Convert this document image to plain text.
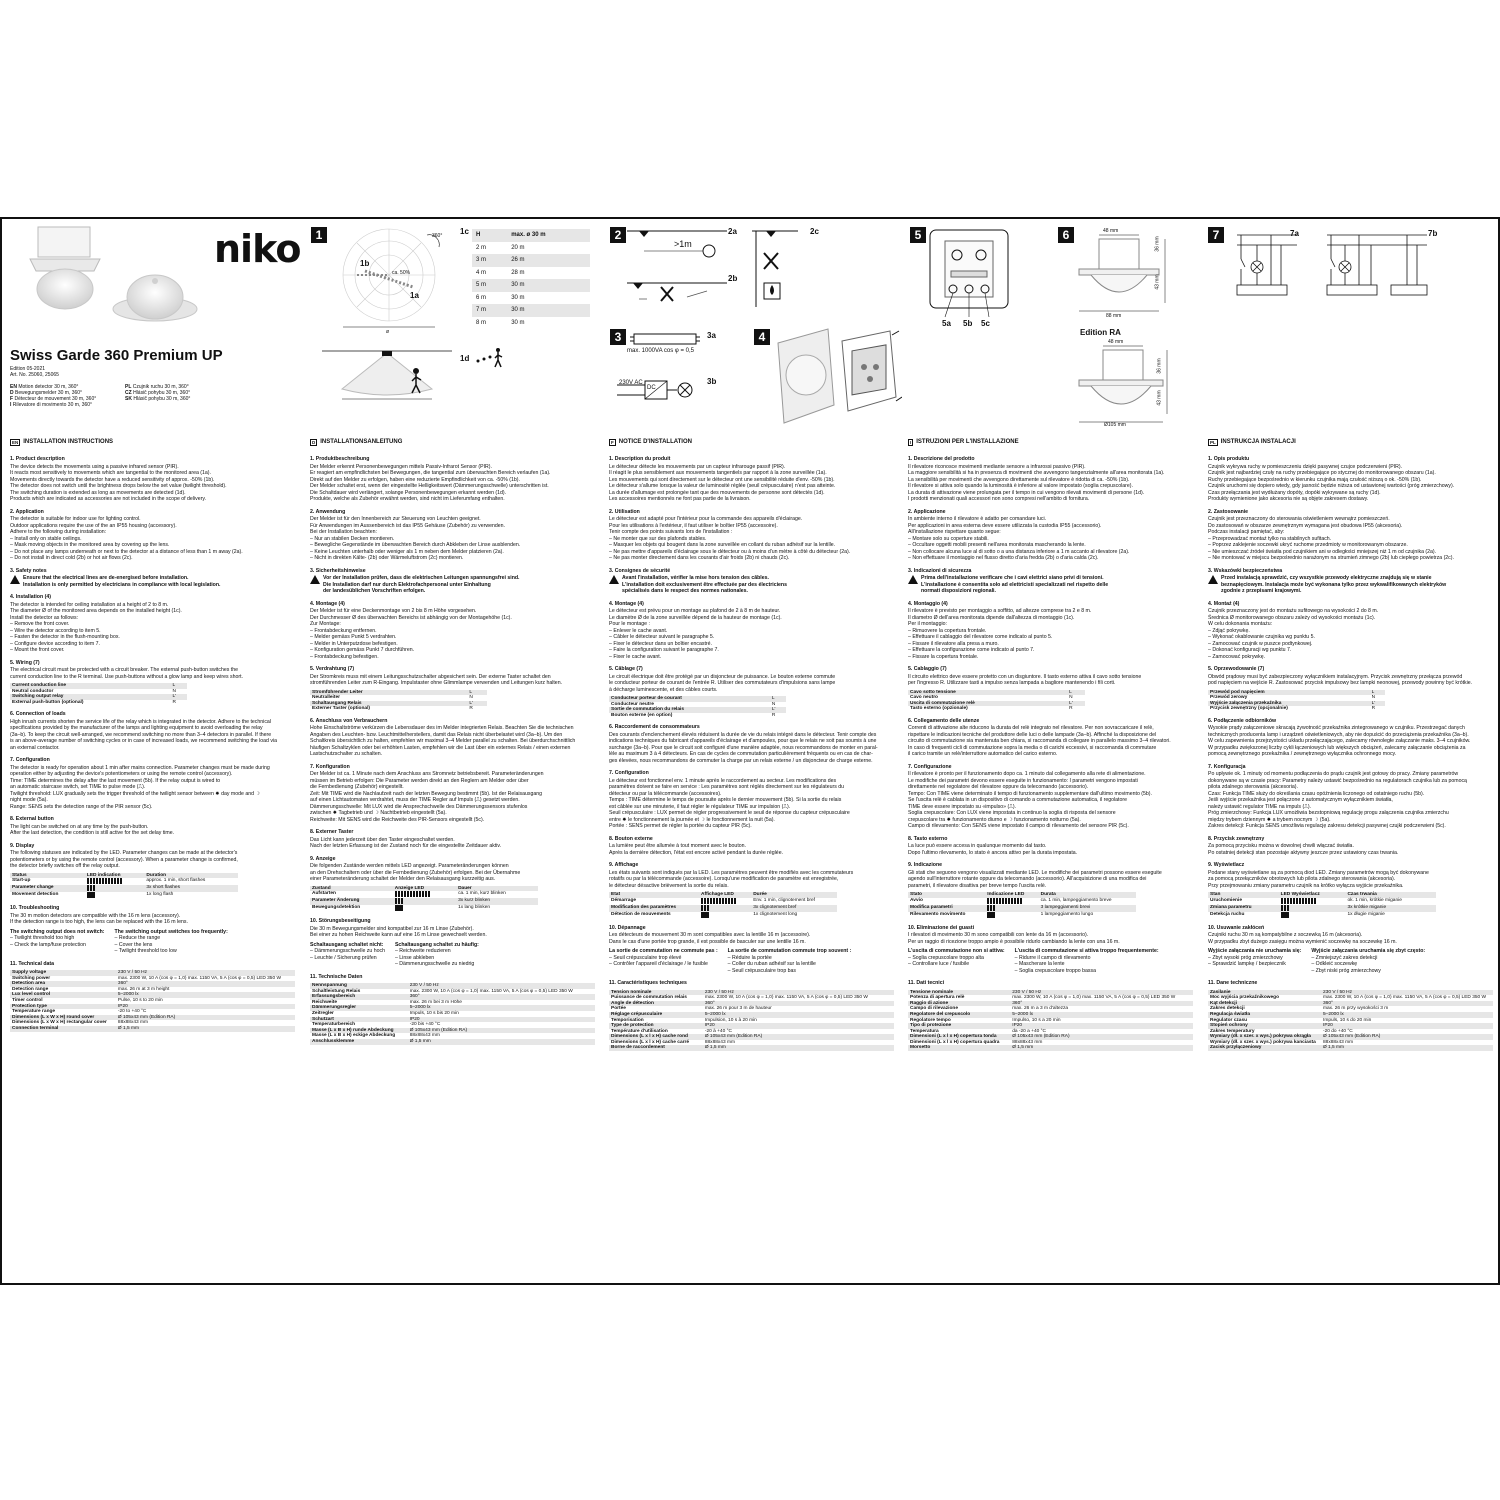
niko
Swiss Garde 360 Premium UP
Edition 05-2021
Art. No. 25060, 25065
EN Motion detector 30 m, 360°
D Bewegungsmelder 30 m, 360°
F Détecteur de mouvement 30 m, 360°
I Rilevatore di movimento 30 m, 360°
PL Czujnik ruchu 30 m, 360°
CZ Hlásič pohybu 30 m, 360°
SK Hlásič pohybu 30 m, 360°
1	360°
1b
ca. 50%
1a
ø
1c H	max. ø 30 m
2 m	20 m
3 m	26 m
4 m	28 m
5 m	30 m
6 m	30 m
7 m	30 m
8 m	30 m
1d
2
>1m
2a
2b
2c
3	3a
max. 1000VA cos φ = 0,5
230V AC
DC
3b
4
5
5a 5b 5c
6	48 mm
36 mm
43 mm
88 mm
Edition RA
48 mm
36 mm
43 mm
Ø105 mm
7	7a	7b
EN INSTALLATION INSTRUCTIONS
1. Product description
The device detects the movements using a passive infrared sensor (PIR).
It reacts most sensitively to movements which are tangential to the monitored area (1a).
Movements directly towards the detector have a reduced sensitivity of approx. -50% (1b).
The detector does not switch until the brightness drops below the set value (twilight threshold).
The switching duration is extended as long as movements are detected (1d).
Products which are indicated as accessories are not included in the scope of delivery.
2. Application
The detector is suitable for indoor use for lighting control.
Outdoor applications require the use of the an IP55 housing (accessory).
Adhere to the following during installation:
– Install only on stable ceilings.
– Mask moving objects in the monitored area by covering up the lens.
– Do not place any lamps underneath or next to the detector at a distance of less than 1 m away (2a).
– Do not install in direct cold (2b) or hot air flows (2c).
3. Safety notes
Ensure that the electrical lines are de-energised before installation.
Installation is only permitted by electricians in compliance with local legislation.
4. Installation (4)
The detector is intended for ceiling installation at a height of 2 to 8 m.
The diameter Ø of the monitored area depends on the installed height (1c).
Install the detector as follows:
– Remove the front cover.
– Wire the detector according to item 5.
– Fasten the detector in the flush-mounting box.
– Configure device according to item 7.
– Mount the front cover.
5. Wiring (7)
The electrical circuit must be protected with a circuit breaker. The external push-button switches the
current conduction line to the R terminal. Use push-buttons without a glow lamp and keep wires short.
Current conduction line	L
Neutral conductor	N
Switching output relay	L'
External push-button (optional)	R
6. Connection of loads
High inrush currents shorten the service life of the relay which is integrated in the detector. Adhere to the technical
specifications provided by the manufacturer of the lamps and lighting equipment to avoid overloading the relay
(3a–b). To keep the circuit well-arranged, we recommend switching no more than 3–4 detectors in parallel. If there
is an above-average number of switching cycles or in case of increased loads, we recommend switching the load via
an external contactor.
7. Configuration
The detector is ready for operation about 1 min after mains connection. Parameter changes must be made during
operation either by adjusting the device's potentiometers or using the remote control (accessory).
Time: TIME determines the delay after the last movement (5b). If the relay output is wired to
an automatic staircase switch, set TIME to pulse mode (⎍).
Twilight threshold: LUX gradually sets the trigger threshold of the twilight sensor between ✹ day mode and ☽
night mode (5a).
Range: SENS sets the detection range of the PIR sensor (5c).
8. External button
The light can be switched on at any time by the push-button.
After the last detection, the condition is still active for the set delay time.
9. Display
The following statuses are indicated by the LED. Parameter changes can be made at the detector's
potentiometers or by using the remote control (accessory). When a parameter change is confirmed,
the detector briefly switches off the relay output.
Status	LED indication	Duration
Start-up		approx. 1 min, short flashes
Parameter change		3x short flashes
Movement detection		1x long flash
10. Troubleshooting
The 30 m motion detectors are compatible with the 16 m lens (accessory).
If the detection range is too high, the lens can be replaced with the 16 m lens.
The switching output does not switch:
– Twilight threshold too high
– Check the lamp/fuse protection
The switching output switches too frequently:
– Reduce the range
– Cover the lens
– Twilight threshold too low
11. Technical data
Supply voltage	230 V / 50 Hz
Switching power	max. 2300 W, 10 A (cos φ = 1,0) max. 1150 VA, 5 A (cos φ = 0,5) LED 350 W
Detection area	360°
Detection range	max. 26 m at 3 m height
Lux level control	5–2000 lx
Timer control	Pulse, 10 s to 20 min
Protection type	IP20
Temperature range	-20 to +40 °C
Dimensions (L x W x H) round cover	Ø 105x43 mm (Edition RA)
Dimensions (L x W x H) rectangular cover	88x88x43 mm
Connection terminal	Ø 1,5 mm
D INSTALLATIONSANLEITUNG
1. Produktbeschreibung
Der Melder erkennt Personenbewegungen mittels Passiv-Infrarot Sensor (PIR).
Er reagiert am empfindlichsten bei Bewegungen, die tangential zum überwachten Bereich verlaufen (1a).
Direkt auf den Melder zu erfolgen, haben eine reduzierte Empfindlichkeit von ca. -50% (1b).
Der Melder schaltet erst, wenn der eingestellte Helligkeitswert (Dämmerungsschwelle) unterschritten ist.
Die Schaltdauer wird verlängert, solange Personenbewegungen erkannt werden (1d).
Produkte, welche als Zubehör erwähnt werden, sind nicht im Lieferumfang enthalten.
2. Anwendung
Der Melder ist für den Innenbereich zur Steuerung von Leuchten geeignet.
Für Anwendungen im Aussenbereich ist das IP55 Gehäuse (Zubehör) zu verwenden.
Bei der Installation beachten:
– Nur an stabilen Decken montieren.
– Bewegliche Gegenstände im überwachten Bereich durch Abkleben der Linse ausblenden.
– Keine Leuchten unterhalb oder weniger als 1 m neben dem Melder platzieren (2a).
– Nicht in direkten Kälte- (2b) oder Wärmeluftstrom (2c) montieren.
3. Sicherheitshinweise
Vor der Installation prüfen, dass die elektrischen Leitungen spannungsfrei sind.
Die Installation darf nur durch Elektrofachpersonal unter Einhaltung
der landesüblichen Vorschriften erfolgen.
4. Montage (4)
Der Melder ist für eine Deckenmontage von 2 bis 8 m Höhe vorgesehen.
Der Durchmesser Ø des überwachten Bereichs ist abhängig von der Montagehöhe (1c).
Zur Montage:
– Frontabdeckung entfernen.
– Melder gemäss Punkt 5 verdrahten.
– Melder in Unterputzdose befestigen.
– Konfiguration gemäss Punkt 7 durchführen.
– Frontabdeckung befestigen.
5. Verdrahtung (7)
Der Stromkreis muss mit einem Leitungsschutzschalter abgesichert sein. Der externe Taster schaltet den
stromführenden Leiter zum R-Eingang. Impulstaster ohne Glimmlampe verwenden und Leitungen kurz halten.
Stromführender Leiter	L
Neutralleiter	N
Schaltausgang Relais	L'
Externer Taster (optional)	R
6. Anschluss von Verbrauchern
Hohe Einschaltströme verkürzen die Lebensdauer des im Melder integrierten Relais. Beachten Sie die technischen
Angaben des Leuchten- bzw. Leuchtmittelherstellers, damit das Relais nicht überbelastet wird (3a–b). Um den
Schaltkreis übersichtlich zu halten, empfehlen wir maximal 3–4 Melder parallel zu schalten. Bei überdurchschnittlich
häufigen Schaltzyklen oder bei erhöhten Lasten, empfehlen wir die Last über ein externes Relais / einen externen
Lastschutzschalter zu schalten.
7. Konfiguration
Der Melder ist ca. 1 Minute nach dem Anschluss ans Stromnetz betriebsbereit. Parameteränderungen
müssen im Betrieb erfolgen: Die Parameter werden direkt an den Reglern am Melder oder über
die Fernbedienung (Zubehör) eingestellt.
Zeit: Mit TIME wird die Nachlaufzeit nach der letzten Bewegung bestimmt (5b). Ist der Relaisausgang
auf einen Lichtautomaten verdrahtet, muss der TIME Regler auf Impuls (⎍) gesetzt werden.
Dämmerungsschwelle: Mit LUX wird die Ansprechschwelle des Dämmerungssensors stufenlos
zwischen ✹ Tagbetrieb und ☽ Nachtbetrieb eingestellt (5a).
Reichweite: Mit SENS wird die Reichweite des PIR-Sensors eingestellt (5c).
8. Externer Taster
Das Licht kann jederzeit über den Taster eingeschaltet werden.
Nach der letzten Erfassung ist der Zustand noch für die eingestellte Zeitdauer aktiv.
9. Anzeige
Die folgenden Zustände werden mittels LED angezeigt. Parameteränderungen können
an den Drehschaltern oder über die Fernbedienung (Zubehör) erfolgen. Bei der Übernahme
einer Parameteränderung schaltet der Melder den Relaisausgang kurzzeitig aus.
Zustand	Anzeige LED	Dauer
Aufstarten		ca. 1 min, kurz blinken
Parameter Änderung		3x kurz blinken
Bewegungsdetektion		1x lang blinken
10. Störungsbeseitigung
Die 30 m Bewegungsmelder sind kompatibel zur 16 m Linse (Zubehör).
Bei einer zu hohen Reichweite kann auf eine 16 m Linse gewechselt werden.
Schaltausgang schaltet nicht:
– Dämmerungsschwelle zu hoch
– Leuchte / Sicherung prüfen
Schaltausgang schaltet zu häufig:
– Reichweite reduzieren
– Linse abkleben
– Dämmerungsschwelle zu niedrig
11. Technische Daten
Nennspannung	230 V / 50 Hz
Schaltleistung Relais	max. 2300 W, 10 A (cos φ = 1,0) max. 1150 VA, 5 A (cos φ = 0,5) LED 350 W
Erfassungsbereich	360°
Reichweite	max. 26 m bei 3 m Höhe
Dämmerungsregler	5–2000 lx
Zeitregler	Impuls, 10 s bis 20 min
Schutzart	IP20
Temperaturbereich	-20 bis +40 °C
Masse (L x B x H) runde Abdeckung	Ø 105x43 mm (Edition RA)
Masse (L x B x H) eckige Abdeckung	88x88x43 mm
Anschlussklemme	Ø 1,5 mm
F NOTICE D'INSTALLATION
1. Description du produit
Le détecteur détecte les mouvements par un capteur infrarouge passif (PIR).
Il réagit le plus sensiblement aux mouvements tangentiels par rapport à la zone surveillée (1a).
Les mouvements qui sont directement sur le détecteur ont une sensibilité réduite d'env. -50% (1b).
Le détecteur s'allume lorsque la valeur de luminosité réglée (seuil crépusculaire) n'est pas atteinte.
La durée d'allumage est prolongée tant que des mouvements de personne sont détectés (1d).
Les accessoires mentionnés ne font pas partie de la livraison.
2. Utilisation
Le détecteur est adapté pour l'intérieur pour la commande des appareils d'éclairage.
Pour les utilisations à l'extérieur, il faut utiliser le boîtier IP55 (accessoire).
Tenir compte des points suivants lors de l'installation :
– Ne monter que sur des plafonds stables.
– Masquer les objets qui bougent dans la zone surveillée en collant du ruban adhésif sur la lentille.
– Ne pas mettre d'appareils d'éclairage sous le détecteur ou à moins d'un mètre à côté du détecteur (2a).
– Ne pas monter directement dans les courants d'air froids (2b) ni chauds (2c).
3. Consignes de sécurité
Avant l'installation, vérifier la mise hors tension des câbles.
L'installation doit exclusivement être effectuée par des électriciens
spécialisés dans le respect des normes nationales.
4. Montage (4)
Le détecteur est prévu pour un montage au plafond de 2 à 8 m de hauteur.
Le diamètre Ø de la zone surveillée dépend de la hauteur de montage (1c).
Pour le montage :
– Enlever le cache avant.
– Câbler le détecteur suivant le paragraphe 5.
– Fixer le détecteur dans un boîtier encastré.
– Faire la configuration suivant le paragraphe 7.
– Fixer le cache avant.
5. Câblage (7)
Le circuit électrique doit être protégé par un disjoncteur de puissance. Le bouton externe commute
le conducteur porteur de courant de l'entrée R. Utiliser des commutateurs d'impulsions sans lampe
à décharge luminescente, et des câbles courts.
Conducteur porteur de courant	L
Conducteur neutre	N
Sortie de commutation du relais	L'
Bouton externe (en option)	R
6. Raccordement de consommateurs
Des courants d'enclenchement élevés réduisent la durée de vie du relais intégré dans le détecteur. Tenir compte des
indications techniques du fabricant d'appareils d'éclairage et d'ampoules, pour que le relais ne soit pas soumis à une
surcharge (3a–b). Pour que le circuit soit configuré d'une manière adaptée, nous recommandons de monter en paral-
lèle au maximum 3 à 4 détecteurs. En cas de cycles de commutation particulièrement fréquents ou en cas de char-
ges élevées, nous recommandons de commuter la charge par un relais externe / un disjoncteur de charge externe.
7. Configuration
Le détecteur est fonctionnel env. 1 minute après le raccordement au secteur. Les modifications des
paramètres doivent se faire en service : Les paramètres sont réglés directement sur les régulateurs du
détecteur ou par la télécommande (accessoires).
Temps : TIME détermine le temps de poursuite après le dernier mouvement (5b). Si la sortie du relais
est câblée sur une minuterie, il faut régler le régulateur TIME sur impulsion (⎍).
Seuil crépusculaire : LUX permet de régler progressivement le seuil de réponse du capteur crépusculaire
entre ✹ le fonctionnement la journée et ☽ le fonctionnement la nuit (5a).
Portée : SENS permet de régler la portée du capteur PIR (5c).
8. Bouton externe
La lumière peut être allumée à tout moment avec le bouton.
Après la dernière détection, l'état est encore activé pendant la durée réglée.
9. Affichage
Les états suivants sont indiqués par la LED. Les paramètres peuvent être modifiés avec les commutateurs
rotatifs ou par la télécommande (accessoire). Lorsqu'une modification de paramètre est enregistrée,
le détecteur désactive brièvement la sortie du relais.
Etat	Affichage LED	Durée
Démarrage		Env. 1 min, clignotement bref
Modification des paramètres		3x clignotement bref
Détection de mouvements		1x clignotement long
10. Dépannage
Les détecteurs de mouvement 30 m sont compatibles avec la lentille 16 m (accessoire).
Dans le cas d'une portée trop grande, il est possible de basculer sur une lentille 16 m.
La sortie de commutation ne commute pas :
– Seuil crépusculaire trop élevé
– Contrôler l'appareil d'éclairage / le fusible
La sortie de commutation commute trop souvent :
– Réduire la portée
– Coller du ruban adhésif sur la lentille
– Seuil crépusculaire trop bas
11. Caractéristiques techniques
Tension nominale	230 V / 50 Hz
Puissance de commutation relais	max. 2300 W, 10 A (cos φ = 1,0) max. 1150 VA, 5 A (cos φ = 0,5) LED 350 W
Angle de détection	360°
Portée	max. 26 m pour 3 m de hauteur
Réglage crépusculaire	5–2000 lx
Temporisation	Impulsion, 10 s à 20 min
Type de protection	IP20
Température d'utilisation	-20 à +40 °C
Dimensions (L x l x H) cache rond	Ø 105x43 mm (Edition RA)
Dimensions (L x l x H) cache carré	88x88x43 mm
Borne de raccordement	Ø 1,5 mm
I ISTRUZIONI PER L'INSTALLAZIONE
1. Descrizione del prodotto
Il rilevatore riconosce movimenti mediante sensore a infrarossi passivo (PIR).
La maggiore sensibilità si ha in presenza di movimenti che avvengono tangenzialmente all'area monitorata (1a).
La sensibilità per movimenti che avvengono direttamente sul rilevatore è ridotta di ca. -50% (1b).
Il rilevatore si attiva solo quando la luminosità è inferiore al valore impostato (soglia crepuscolare).
La durata di attivazione viene prolungata per il tempo in cui vengono rilevati movimenti di persone (1d).
I prodotti menzionati quali accessori non sono compresi nell'ambito di fornitura.
2. Applicazione
In ambiente interno il rilevatore è adatto per comandare luci.
Per applicazioni in area esterna deve essere utilizzata la custodia IP55 (accessorio).
All'installazione rispettare quanto segue:
– Montare solo su coperture stabili.
– Occultare oggetti mobili presenti nell'area monitorata mascherando la lente.
– Non collocare alcuna luce al di sotto o a una distanza inferiore a 1 m accanto al rilevatore (2a).
– Non effettuare il montaggio nel flusso diretto d'aria fredda (2b) o d'aria calda (2c).
3. Indicazioni di sicurezza
Prima dell'installazione verificare che i cavi elettrici siano privi di tensioni.
L'installazione è consentita solo ad elettricisti specializzati nel rispetto delle
normati disposizioni regionali.
4. Montaggio (4)
Il rilevatore è previsto per montaggio a soffitto, ad altezze comprese tra 2 e 8 m.
Il diametro Ø dell'area monitorata dipende dall'altezza di montaggio (1c).
Per il montaggio:
– Rimuovere la copertura frontale.
– Effettuare il cablaggio del rilevatore come indicato al punto 5.
– Fissare il rilevatore alla presa a muro.
– Effettuare la configurazione come indicato al punto 7.
– Fissare la copertura frontale.
5. Cablaggio (7)
Il circuito elettrico deve essere protetto con un disgiuntore. Il tasto esterno attiva il cavo sotto tensione
per l'ingresso R. Utilizzare tasti a impulso senza lampada a bagliore mantenendo i fili corti.
Cavo sotto tensione	L
Cavo neutro	N
Uscita di commutazione relè	L'
Tasto esterno (opzionale)	R
6. Collegamento delle utenze
Correnti di attivazione alte riducono la durata del relè integrato nel rilevatore. Per non sovraccaricare il relè,
rispettare le indicazioni tecniche del produttore delle luci o delle lampade (3a–b). Affinché la disposizione del
circuito di commutazione sia mantenuta ben chiara, si raccomanda di collegare in parallelo massimo 3–4 rilevatori.
In caso di frequenti cicli di commutazione sopra la media o di carichi eccessivi, si raccomanda di commutare
il carico tramite un relè/interruttore automatico del carico esterno.
7. Configurazione
Il rilevatore è pronto per il funzionamento dopo ca. 1 minuto dal collegamento alla rete di alimentazione.
Le modifiche dei parametri devono essere eseguite in funzionamento: I parametri vengono impostati
direttamente nel regolatore del rilevatore oppure da telecomando (accessorio).
Tempo: Con TIME viene determinato il tempo di funzionamento supplementare dall'ultimo movimento (5b).
Se l'uscita relè è cablata in un dispositivo di comando a commutazione automatica, il regolatore
TIME deve essere impostato su «impulso» (⎍).
Soglia crepuscolare: Con LUX viene impostata in continuo la soglia di risposta del sensore
crepuscolare tra ✹ funzionamento diurno e ☽ funzionamento notturno (5a).
Campo di rilevamento: Con SENS viene impostato il campo di rilevamento del sensore PIR (5c).
8. Tasto esterno
La luce può essere accesa in qualunque momento dal tasto.
Dopo l'ultimo rilevamento, lo stato è ancora attivo per la durata impostata.
9. Indicazione
Gli stati che seguono vengono visualizzati mediante LED. Le modifiche dei parametri possono essere eseguite
agendo sull'interruttore rotante oppure da telecomando (accessorio). All'acquisizione di una modifica dei
parametri, il rilevatore disattiva per breve tempo l'uscita relè.
Stato	Indicazione LED	Durata
Avvio		ca. 1 min, lampeggiamento breve
Modifica parametri		3 lampeggiamenti brevi
Rilevamento movimento		1 lampeggiamento lungo
10. Eliminazione dei guasti
I rilevatori di movimento 30 m sono compatibili con lente da 16 m (accessorio).
Per un raggio di ricezione troppo ampio è possibile ridurlo cambiando la lente con una 16 m.
L'uscita di commutazione non si attiva:
– Soglia crepuscolare troppo alta
– Controllare luce / fusibile
L'uscita di commutazione si attiva troppo frequentemente:
– Ridurre il campo di rilevamento
– Mascherare la lente
– Soglia crepuscolare troppo bassa
11. Dati tecnici
Tensione nominale	230 V / 50 Hz
Potenza di apertura relè	max. 2300 W, 10 A (cos φ = 1,0) max. 1150 VA, 5 A (cos φ = 0,5) LED 350 W
Raggio di azione	360°
Campo di rilevazione	max. 26 m a 3 m d'altezza
Regolatore del crepuscolo	5–2000 lx
Regolatore tempo	Impulso, 10 s a 20 min
Tipo di protezione	IP20
Temperatura	da -20 a +40 °C
Dimensioni (L x l x H) copertura tonda	Ø 105x43 mm (Edition RA)
Dimensioni (L x l x H) copertura quadra	88x88x43 mm
Morsetto	Ø 1,5 mm
PL INSTRUKCJA INSTALACJI
1. Opis produktu
Czujnik wykrywa ruchy w pomieszczeniu dzięki pasywnej czujce podczerwieni (PIR).
Czujnik jest najbardziej czuły na ruchy przebiegające po stycznej do monitorowanego obszaru (1a).
Ruchy przebiegające bezpośrednio w kierunku czujnika mają czułość niższą o ok. -50% (1b).
Czujnik uruchomi się dopiero wtedy, gdy jasność będzie niższa od ustawionej wartości (próg zmierzchowy).
Czas przełączania jest wydłużany dopóty, dopóki wykrywane są ruchy (1d).
Produkty wymienione jako akcesoria nie są objęte zakresem dostawy.
2. Zastosowanie
Czujnik jest przeznaczony do sterowania oświetleniem wewnątrz pomieszczeń.
Do zastosowań w obszarze zewnętrznym wymagana jest obudowa IP55 (akcesoria).
Podczas instalacji pamiętać, aby:
– Przeprowadzać montaż tylko na stabilnych sufitach.
– Poprzez zaklejenie soczewki ukryć ruchome przedmioty w monitorowanym obszarze.
– Nie umieszczać źródeł światła pod czujnikiem ani w odległości mniejszej niż 1 m od czujnika (2a).
– Nie montować w miejscu bezpośrednio narażonym na strumień zimnego (2b) lub ciepłego powietrza (2c).
3. Wskazówki bezpieczeństwa
Przed instalacją sprawdzić, czy wszystkie przewody elektryczne znajdują się w stanie
beznapięciowym. Instalacja może być wykonana tylko przez wykwalifikowanych elektryków
zgodnie z przepisami krajowymi.
4. Montaż (4)
Czujnik przeznaczony jest do montażu sufitowego na wysokości 2 do 8 m.
Średnica Ø monitorowanego obszaru zależy od wysokości montażu (1c).
W celu dokonania montażu:
– Zdjąć pokrywkę.
– Wykonać okablowanie czujnika wg punktu 5.
– Zamocować czujnik w puszce podtynkowej.
– Dokonać konfiguracji wg punktu 7.
– Zamocować pokrywkę.
5. Oprzewodowanie (7)
Obwód prądowy musi być zabezpieczony wyłącznikiem instalacyjnym. Przycisk zewnętrzny przełącza przewód
pod napięciem na wejście R. Zastosować przycisk impulsowy bez lampki neonowej, przewody powinny być krótkie.
Przewód pod napięciem	L
Przewód zerowy	N
Wyjście załączenia przekaźnika	L'
Przycisk zewnętrzny (opcjonalnie)	R
6. Podłączenie odbiorników
Wysokie prądy załączeniowe skracają żywotność przekaźnika zintegrowanego w czujniku. Przestrzegać danych
technicznych producenta lamp i urządzeń oświetleniowych, aby nie dopuścić do przeciążenia przekaźnika (3a–b).
W celu zapewnienia przejrzystości układu przełączającego, zalecamy równoległe załączanie maks. 3–4 czujników.
W przypadku zwiększonej liczby cykli łączeniowych lub większych obciążeń, zalecamy załączanie obciążenia za
pomocą zewnętrznego przekaźnika / zewnętrznego wyłącznika ochronnego mocy.
7. Konfiguracja
Po upływie ok. 1 minuty od momentu podłączenia do prądu czujnik jest gotowy do pracy. Zmiany parametrów
dokonywane są w czasie pracy: Parametry należy ustawić bezpośrednio na regulatorach czujnika lub za pomocą
pilota zdalnego sterowania (akcesoria).
Czas: Funkcja TIME służy do określania czasu opóźnienia liczonego od ostatniego ruchu (5b).
Jeśli wyjście przekaźnika jest połączone z automatycznym wyłącznikiem światła,
należy ustawić regulator TIME na impuls (⎍).
Próg zmierzchowy: Funkcja LUX umożliwia bezstopniową regulację progu załączenia czujnika zmierzchu
między trybem dziennym ✹ a trybem nocnym ☽ (5a).
Zakres detekcji: Funkcja SENS umożliwia regulację zakresu detekcji pasywnej czujki podczerwieni (5c).
8. Przycisk zewnętrzny
Za pomocą przycisku można w dowolnej chwili włączać światła.
Po ostatniej detekcji stan pozostaje aktywny jeszcze przez ustawiony czas trwania.
9. Wyświetlacz
Podane stany wyświetlane są za pomocą diod LED. Zmiany parametrów mogą być dokonywane
za pomocą przełączników obrotowych lub pilota zdalnego sterowania (akcesoria).
Przy przejmowaniu zmiany parametru czujnik na krótko wyłącza wyjście przekaźnika.
Stan	LED Wyświetlacz	Czas trwania
Uruchomienie		ok. 1 min, krótkie miganie
Zmiana parametru		3x krótkie miganie
Detekcja ruchu		1x długie miganie
10. Usuwanie zakłóceń
Czujniki ruchu 30 m są kompatybilne z soczewką 16 m (akcesoria).
W przypadku zbyt dużego zasięgu można wymienić soczewkę na soczewkę 16 m.
Wyjście załączania nie uruchamia się:
– Zbyt wysoki próg zmierzchowy
– Sprawdzić lampkę / bezpiecznik
Wyjście załączania uruchamia się zbyt często:
– Zmniejszyć zakres detekcji
– Odkleić soczewkę
– Zbyt niski próg zmierzchowy
11. Dane techniczne
Zasilanie	230 V / 50 Hz
Moc wyjścia przekaźnikowego	max. 2300 W, 10 A (cos φ = 1,0) max. 1150 VA, 5 A (cos φ = 0,5) LED 350 W
Kąt detekcji	360°
Zakres detekcji	max. 26 m przy wysokości 3 m
Regulacja światła	5–2000 lx
Regulator czasu	Impuls, 10 s do 20 min
Stopień ochrony	IP20
Zakres temperatury	-20 do +40 °C
Wymiary (dł. x szer. x wys.) pokrywa okrągła	Ø 105x43 mm (Edition RA)
Wymiary (dł. x szer. x wys.) pokrywa kanciasta	88x88x43 mm
Zacisk przyłączeniowy	Ø 1,5 mm
